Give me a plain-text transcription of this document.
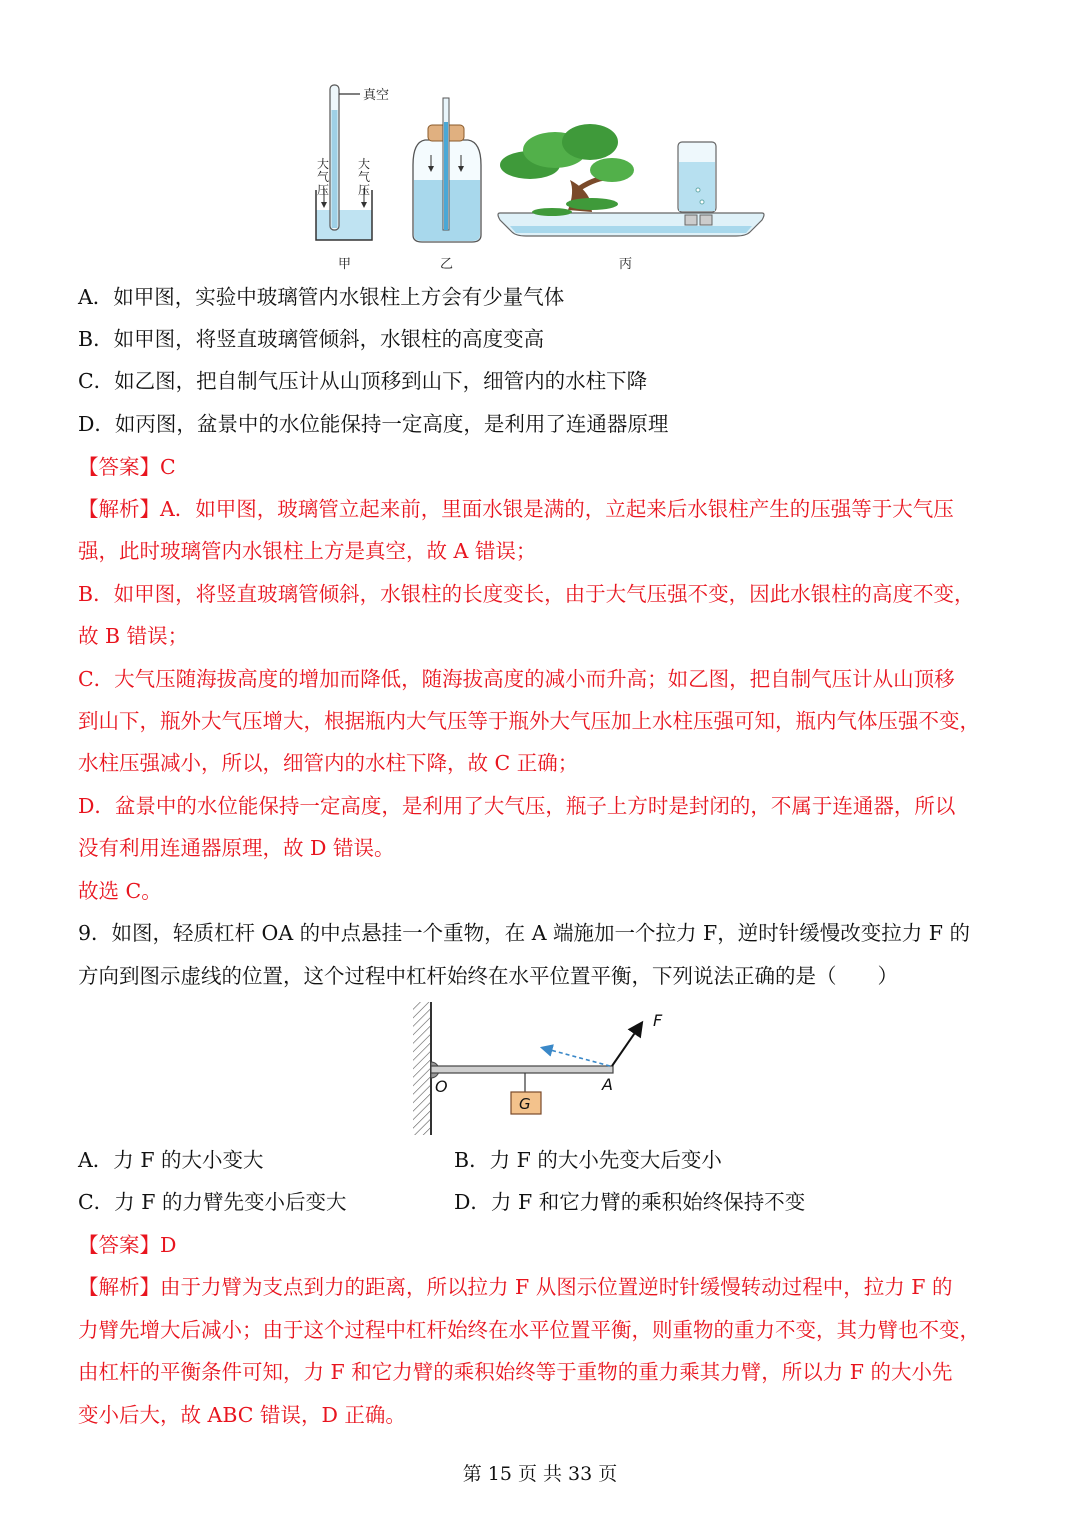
真空
大
气
压
大
气
压
甲	乙	丙
A．如甲图，实验中玻璃管内水银柱上方会有少量气体
B．如甲图，将竖直玻璃管倾斜，水银柱的高度变高
C．如乙图，把自制气压计从山顶移到山下，细管内的水柱下降
D．如丙图，盆景中的水位能保持一定高度，是利用了连通器原理
【答案】C
【解析】A．如甲图，玻璃管立起来前，里面水银是满的，立起来后水银柱产生的压强等于大气压
强，此时玻璃管内水银柱上方是真空，故 A 错误；
B．如甲图，将竖直玻璃管倾斜，水银柱的长度变长，由于大气压强不变，因此水银柱的高度不变，
故 B 错误；
C．大气压随海拔高度的增加而降低，随海拔高度的减小而升高；如乙图，把自制气压计从山顶移
到山下，瓶外大气压增大，根据瓶内大气压等于瓶外大气压加上水柱压强可知，瓶内气体压强不变，
水柱压强减小，所以，细管内的水柱下降，故 C 正确；
D．盆景中的水位能保持一定高度，是利用了大气压，瓶子上方时是封闭的，不属于连通器，所以
没有利用连通器原理，故 D 错误。
故选 C。
9．如图，轻质杠杆 OA 的中点悬挂一个重物，在 A 端施加一个拉力 F，逆时针缓慢改变拉力 F 的
方向到图示虚线的位置，这个过程中杠杆始终在水平位置平衡，下列说法正确的是（　　）
F
O	A
G
A．力 F 的大小变大	B．力 F 的大小先变大后变小
C．力 F 的力臂先变小后变大	D．力 F 和它力臂的乘积始终保持不变
【答案】D
【解析】由于力臂为支点到力的距离，所以拉力 F 从图示位置逆时针缓慢转动过程中，拉力 F 的
力臂先增大后减小；由于这个过程中杠杆始终在水平位置平衡，则重物的重力不变，其力臂也不变，
由杠杆的平衡条件可知，力 F 和它力臂的乘积始终等于重物的重力乘其力臂，所以力 F 的大小先
变小后大，故 ABC 错误，D 正确。
第 15 页 共 33 页
